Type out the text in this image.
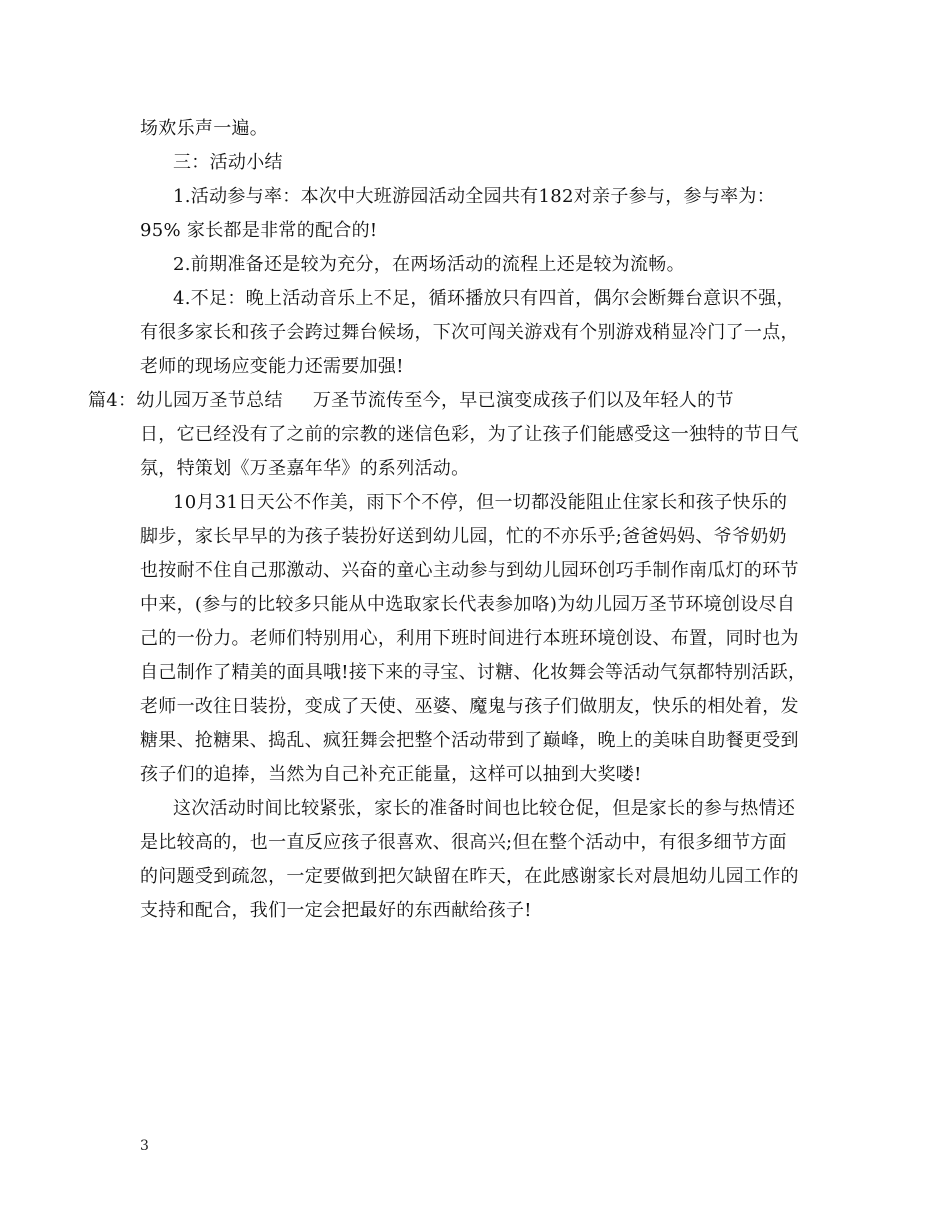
场欢乐声一遍。
三：活动小结
1.活动参与率：本次中大班游园活动全园共有182对亲子参与，参与率为：
95% 家长都是非常的配合的!
2.前期准备还是较为充分，在两场活动的流程上还是较为流畅。
4.不足：晚上活动音乐上不足，循环播放只有四首，偶尔会断舞台意识不强，
有很多家长和孩子会跨过舞台候场，下次可闯关游戏有个别游戏稍显冷门了一点，
老师的现场应变能力还需要加强!
篇4：幼儿园万圣节总结     万圣节流传至今，早已演变成孩子们以及年轻人的节
日，它已经没有了之前的宗教的迷信色彩，为了让孩子们能感受这一独特的节日气
氛，特策划《万圣嘉年华》的系列活动。
10月31日天公不作美，雨下个不停，但一切都没能阻止住家长和孩子快乐的
脚步，家长早早的为孩子装扮好送到幼儿园，忙的不亦乐乎;爸爸妈妈、爷爷奶奶
也按耐不住自己那激动、兴奋的童心主动参与到幼儿园环创巧手制作南瓜灯的环节
中来，(参与的比较多只能从中选取家长代表参加咯)为幼儿园万圣节环境创设尽自
己的一份力。老师们特别用心，利用下班时间进行本班环境创设、布置，同时也为
自己制作了精美的面具哦!接下来的寻宝、讨糖、化妆舞会等活动气氛都特别活跃，
老师一改往日装扮，变成了天使、巫婆、魔鬼与孩子们做朋友，快乐的相处着，发
糖果、抢糖果、捣乱、疯狂舞会把整个活动带到了巅峰，晚上的美味自助餐更受到
孩子们的追捧，当然为自己补充正能量，这样可以抽到大奖喽!
这次活动时间比较紧张，家长的准备时间也比较仓促，但是家长的参与热情还
是比较高的，也一直反应孩子很喜欢、很高兴;但在整个活动中，有很多细节方面
的问题受到疏忽，一定要做到把欠缺留在昨天，在此感谢家长对晨旭幼儿园工作的
支持和配合，我们一定会把最好的东西献给孩子!
3
